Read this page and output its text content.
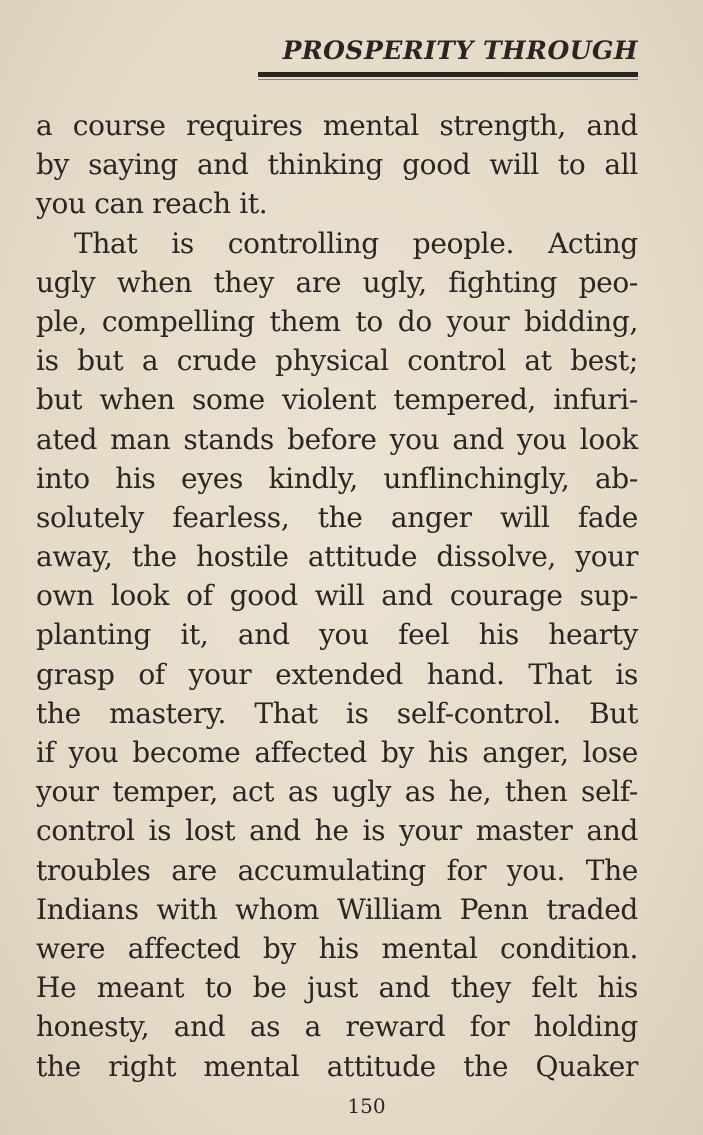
PROSPERITY THROUGH
a course requires mental strength, and
by saying and thinking good will to all
you can reach it.
That is controlling people. Acting
ugly when they are ugly, fighting peo-
ple, compelling them to do your bidding,
is but a crude physical control at best;
but when some violent tempered, infuri-
ated man stands before you and you look
into his eyes kindly, unflinchingly, ab-
solutely fearless, the anger will fade
away, the hostile attitude dissolve, your
own look of good will and courage sup-
planting it, and you feel his hearty
grasp of your extended hand. That is
the mastery. That is self-control. But
if you become affected by his anger, lose
your temper, act as ugly as he, then self-
control is lost and he is your master and
troubles are accumulating for you. The
Indians with whom William Penn traded
were affected by his mental condition.
He meant to be just and they felt his
honesty, and as a reward for holding
the right mental attitude the Quaker
150
